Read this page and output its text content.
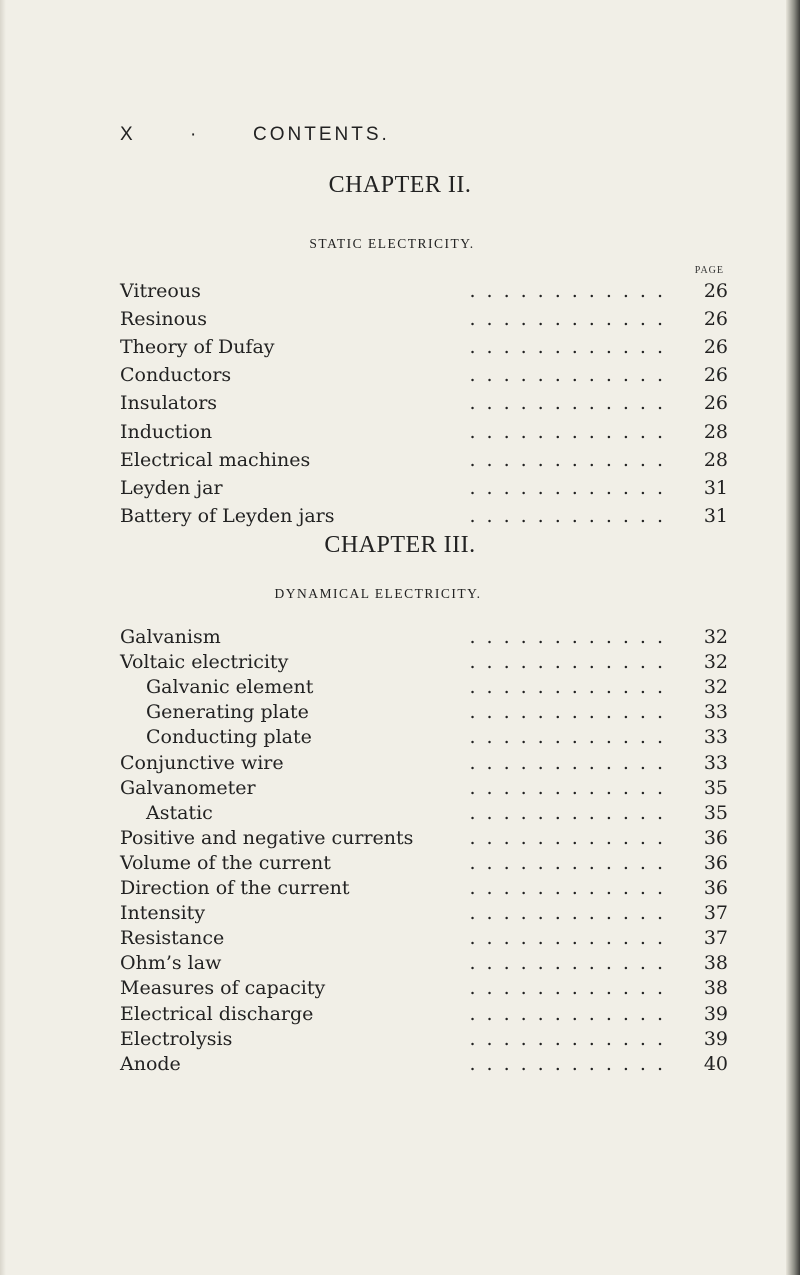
X	·	CONTENTS.
CHAPTER II.
STATIC ELECTRICITY.
PAGE
Vitreous	............	26
Resinous	............	26
Theory of Dufay	............	26
Conductors	............	26
Insulators	............	26
Induction	............	28
Electrical machines	............	28
Leyden jar	............	31
Battery of Leyden jars	............	31
CHAPTER III.
DYNAMICAL ELECTRICITY.
Galvanism	............	32
Voltaic electricity	............	32
Galvanic element	............	32
Generating plate	............	33
Conducting plate	............	33
Conjunctive wire	............	33
Galvanometer	............	35
Astatic	............	35
Positive and negative currents	............	36
Volume of the current	............	36
Direction of the current	............	36
Intensity	............	37
Resistance	............	37
Ohm’s law	............	38
Measures of capacity	............	38
Electrical discharge	............	39
Electrolysis	............	39
Anode	............	40
